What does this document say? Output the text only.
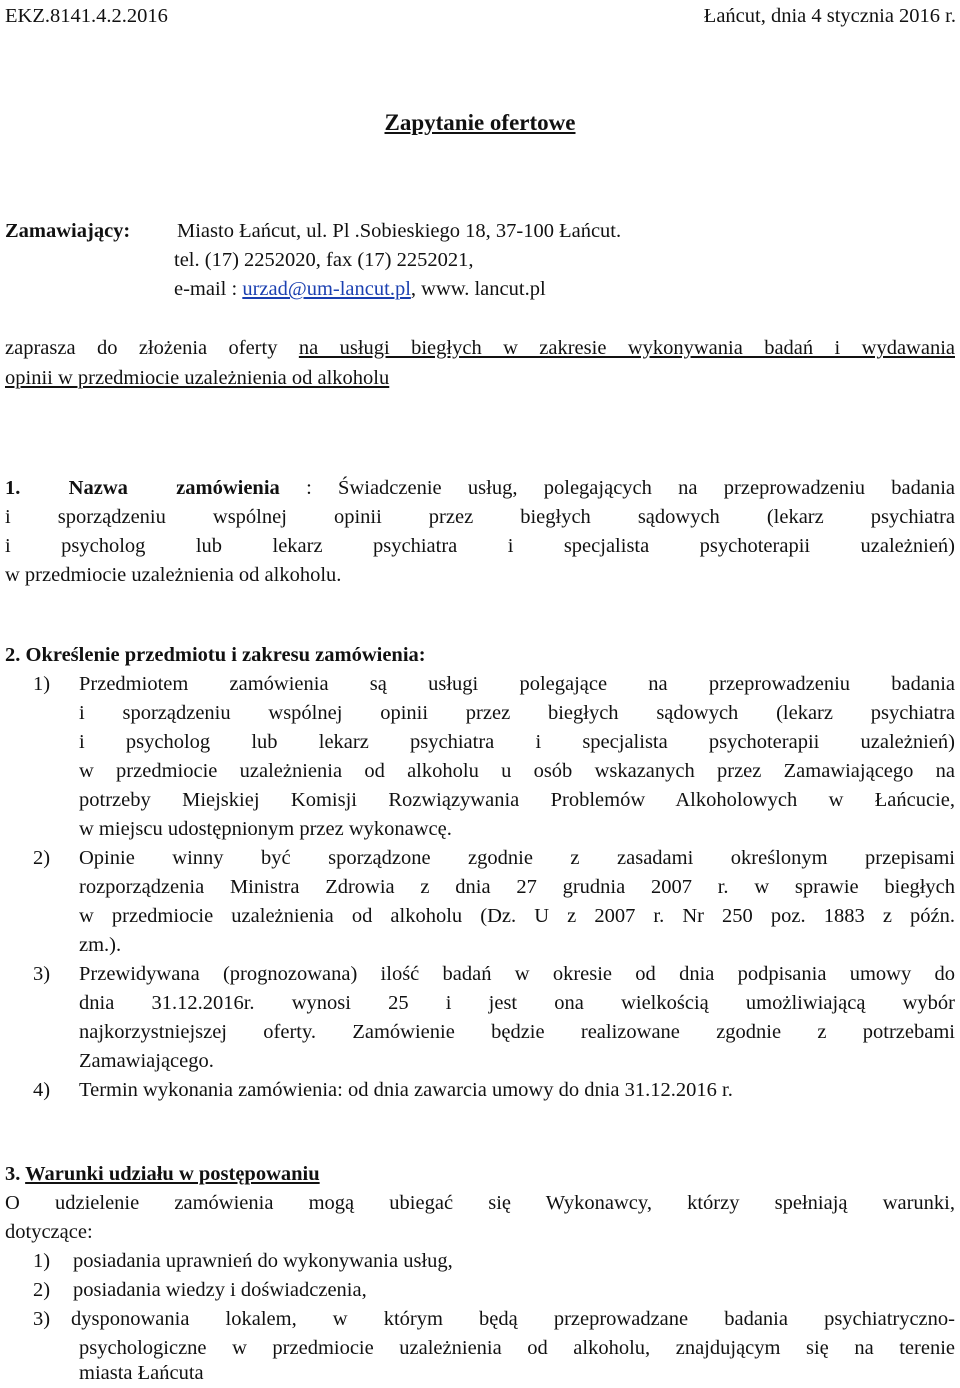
EKZ.8141.4.2.2016	Łańcut, dnia 4 stycznia 2016 r.
Zapytanie ofertowe
Zamawiający: Miasto Łańcut, ul. Pl .Sobieskiego 18, 37-100 Łańcut.
tel. (17) 2252020, fax (17) 2252021,
e-mail : urzad@um-lancut.pl, www. lancut.pl
zaprasza do złożenia oferty na usługi biegłych w zakresie wykonywania badań i wydawania
opinii w przedmiocie uzależnienia od alkoholu
1. Nazwa zamówienia : Świadczenie usług, polegających na przeprowadzeniu badania
i sporządzeniu wspólnej opinii przez biegłych sądowych (lekarz psychiatra
i psycholog lub lekarz psychiatra i specjalista psychoterapii uzależnień)
w przedmiocie uzależnienia od alkoholu.
2. Określenie przedmiotu i zakresu zamówienia:
1) Przedmiotem zamówienia są usługi polegające na przeprowadzeniu badania
i sporządzeniu wspólnej opinii przez biegłych sądowych (lekarz psychiatra
i psycholog lub lekarz psychiatra i specjalista psychoterapii uzależnień)
w przedmiocie uzależnienia od alkoholu u osób wskazanych przez Zamawiającego na
potrzeby Miejskiej Komisji Rozwiązywania Problemów Alkoholowych w Łańcucie,
w miejscu udostępnionym przez wykonawcę.
2) Opinie winny być sporządzone zgodnie z zasadami określonym przepisami
rozporządzenia Ministra Zdrowia z dnia 27 grudnia 2007 r. w sprawie biegłych
w przedmiocie uzależnienia od alkoholu (Dz. U z 2007 r. Nr 250 poz. 1883 z późn.
zm.).
3) Przewidywana (prognozowana) ilość badań w okresie od dnia podpisania umowy do
dnia 31.12.2016r. wynosi 25 i jest ona wielkością umożliwiającą wybór
najkorzystniejszej oferty. Zamówienie będzie realizowane zgodnie z potrzebami
Zamawiającego.
4) Termin wykonania zamówienia: od dnia zawarcia umowy do dnia 31.12.2016 r.
3. Warunki udziału w postępowaniu
O udzielenie zamówienia mogą ubiegać się Wykonawcy, którzy spełniają warunki,
dotyczące:
1) posiadania uprawnień do wykonywania usług,
2) posiadania wiedzy i doświadczenia,
3) dysponowania lokalem, w którym będą przeprowadzane badania psychiatryczno-
psychologiczne w przedmiocie uzależnienia od alkoholu, znajdującym się na terenie
miasta Łańcuta
